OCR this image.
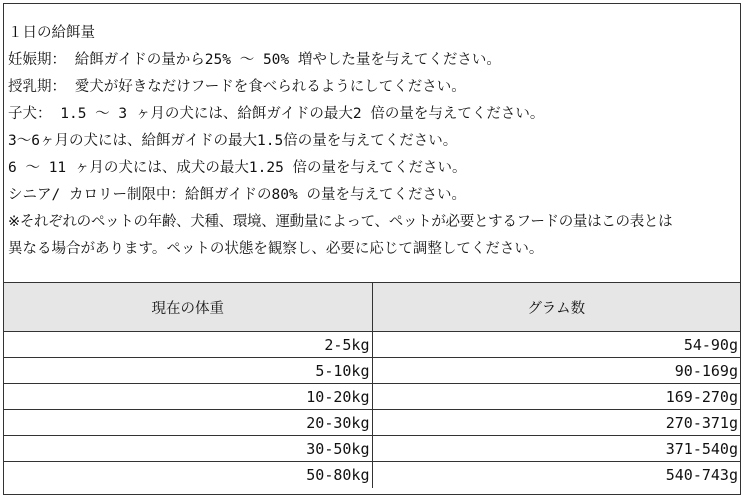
１日の給餌量
妊娠期： 給餌ガイドの量から25% 〜 50% 増やした量を与えてください。
授乳期： 愛犬が好きなだけフードを食べられるようにしてください。
子犬： 1.5 〜 3 ヶ月の犬には、給餌ガイドの最大2 倍の量を与えてください。
3〜6ヶ月の犬には、給餌ガイドの最大1.5倍の量を与えてください。
6 〜 11 ヶ月の犬には、成犬の最大1.25 倍の量を与えてください。
シニア/ カロリー制限中：給餌ガイドの80% の量を与えてください。
※それぞれのペットの年齢、犬種、環境、運動量によって、ペットが必要とするフードの量はこの表とは
異なる場合があります。ペットの状態を観察し、必要に応じて調整してください。
現在の体重	グラム数
2-5kg	54-90g
5-10kg	90-169g
10-20kg	169-270g
20-30kg	270-371g
30-50kg	371-540g
50-80kg	540-743g
